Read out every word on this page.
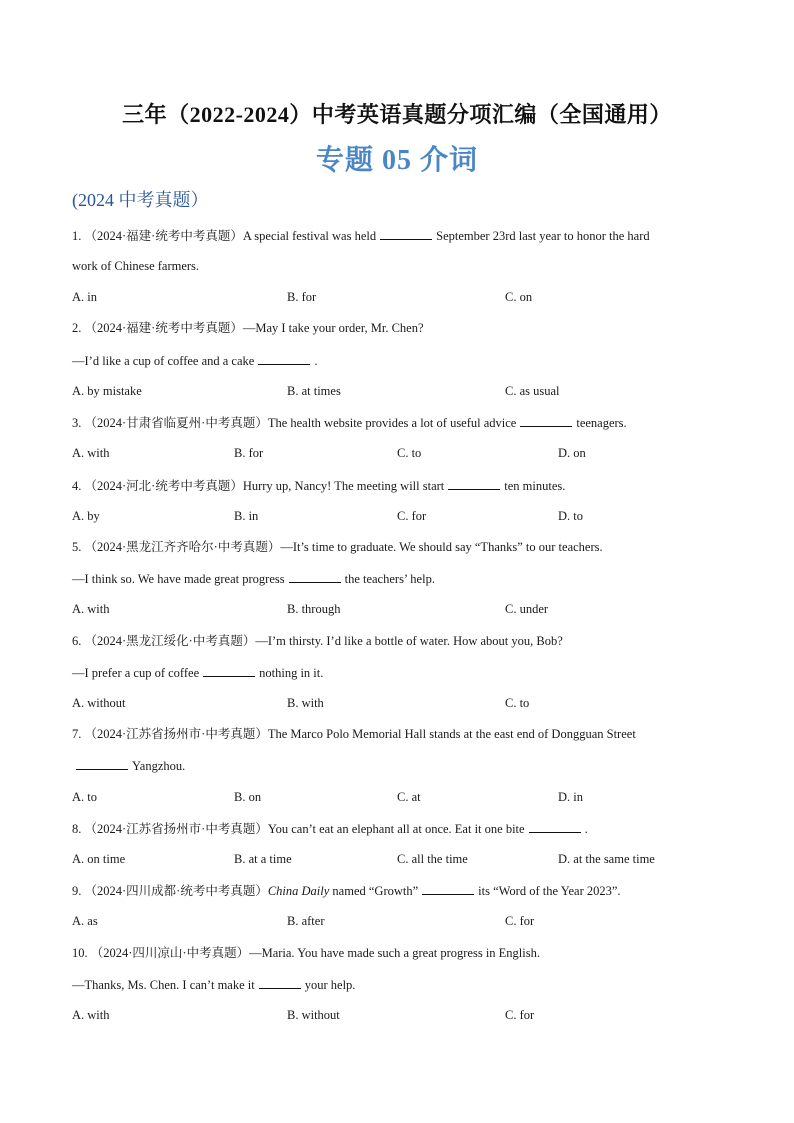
三年（2022-2024）中考英语真题分项汇编（全国通用）
专题 05 介词
(2024 中考真题）
1. （2024·福建·统考中考真题）A special festival was held	September 23rd last year to honor the hard
work of Chinese farmers.
A. in	B. for	C. on
2. （2024·福建·统考中考真题）—May I take your order, Mr. Chen?
—I’d like a cup of coffee and a cake	.
A. by mistake	B. at times	C. as usual
3. （2024·甘肃省临夏州·中考真题）The health website provides a lot of useful advice	teenagers.
A. with	B. for	C. to	D. on
4. （2024·河北·统考中考真题）Hurry up, Nancy! The meeting will start	ten minutes.
A. by	B. in	C. for	D. to
5. （2024·黑龙江齐齐哈尔·中考真题）—It’s time to graduate. We should say “Thanks” to our teachers.
—I think so. We have made great progress	the teachers’ help.
A. with	B. through	C. under
6. （2024·黑龙江绥化·中考真题）—I’m thirsty. I’d like a bottle of water. How about you, Bob?
—I prefer a cup of coffee	nothing in it.
A. without	B. with	C. to
7. （2024·江苏省扬州市·中考真题）The Marco Polo Memorial Hall stands at the east end of Dongguan Street
Yangzhou.
A. to	B. on	C. at	D. in
8. （2024·江苏省扬州市·中考真题）You can’t eat an elephant all at once. Eat it one bite	.
A. on time	B. at a time	C. all the time	D. at the same time
9. （2024·四川成都·统考中考真题）China Daily named “Growth”	its “Word of the Year 2023”.
A. as	B. after	C. for
10. （2024·四川凉山·中考真题）—Maria. You have made such a great progress in English.
—Thanks, Ms. Chen. I can’t make it	your help.
A. with	B. without	C. for
